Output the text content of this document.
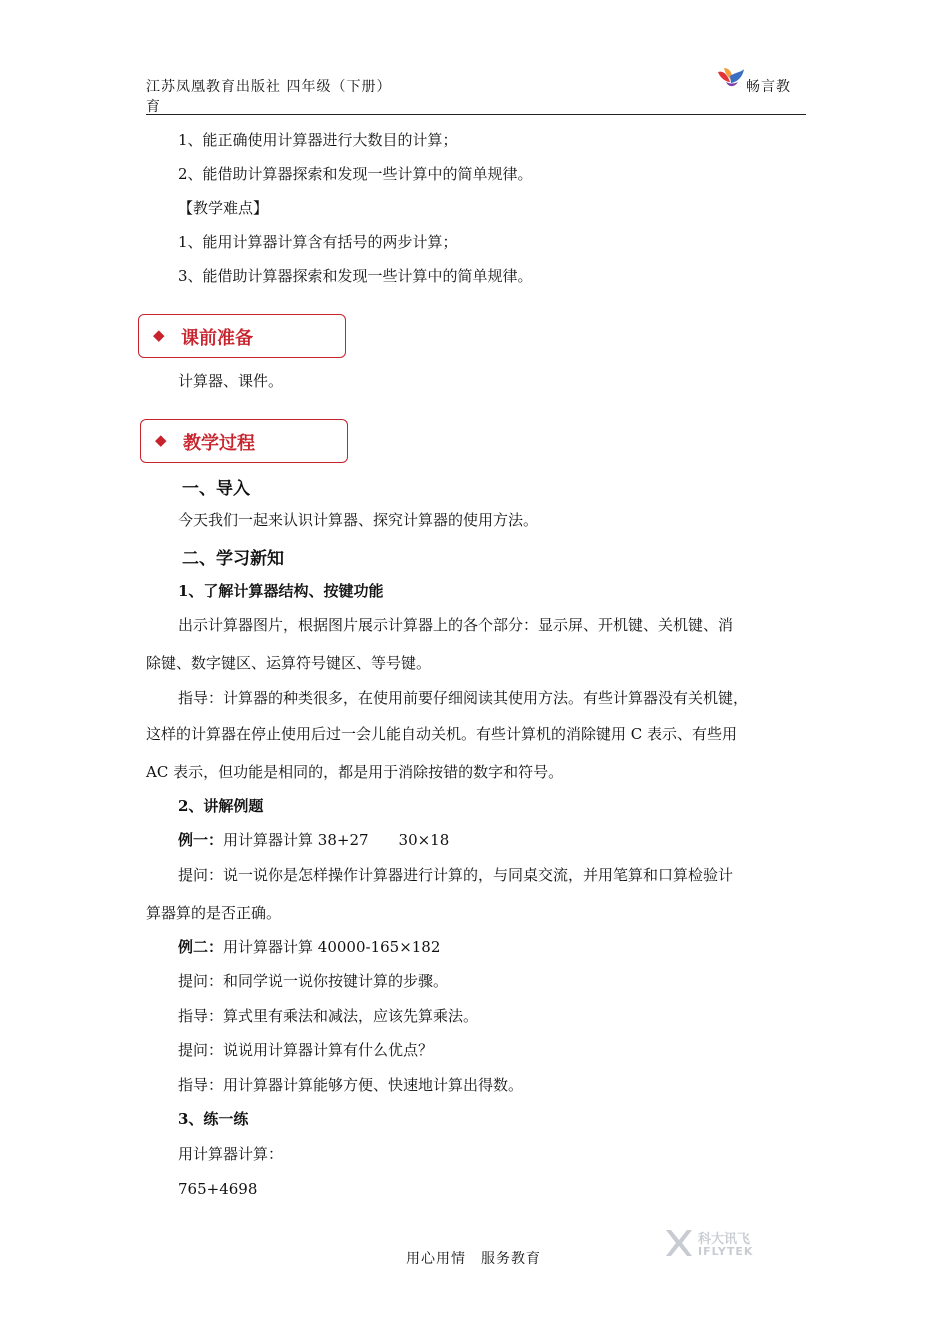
江苏凤凰教育出版社 四年级（下册）
育
畅言教
1、能正确使用计算器进行大数目的计算；
2、能借助计算器探索和发现一些计算中的简单规律。
【教学难点】
1、能用计算器计算含有括号的两步计算；
3、能借助计算器探索和发现一些计算中的简单规律。
◆ 课前准备
计算器、课件。
◆ 教学过程
一、导入
今天我们一起来认识计算器、探究计算器的使用方法。
二、学习新知
1、了解计算器结构、按键功能
出示计算器图片，根据图片展示计算器上的各个部分：显示屏、开机键、关机键、消
除键、数字键区、运算符号键区、等号键。
指导：计算器的种类很多，在使用前要仔细阅读其使用方法。有些计算器没有关机键，
这样的计算器在停止使用后过一会儿能自动关机。有些计算机的消除键用 C 表示、有些用
AC 表示，但功能是相同的，都是用于消除按错的数字和符号。
2、讲解例题
例一：用计算器计算 38+27　　30×18
提问：说一说你是怎样操作计算器进行计算的，与同桌交流，并用笔算和口算检验计
算器算的是否正确。
例二：用计算器计算 40000-165×182
提问：和同学说一说你按键计算的步骤。
指导：算式里有乘法和减法，应该先算乘法。
提问：说说用计算器计算有什么优点？
指导：用计算器计算能够方便、快速地计算出得数。
3、练一练
用计算器计算：
765+4698
用心用情　服务教育
科大讯飞
IFLYTEK
